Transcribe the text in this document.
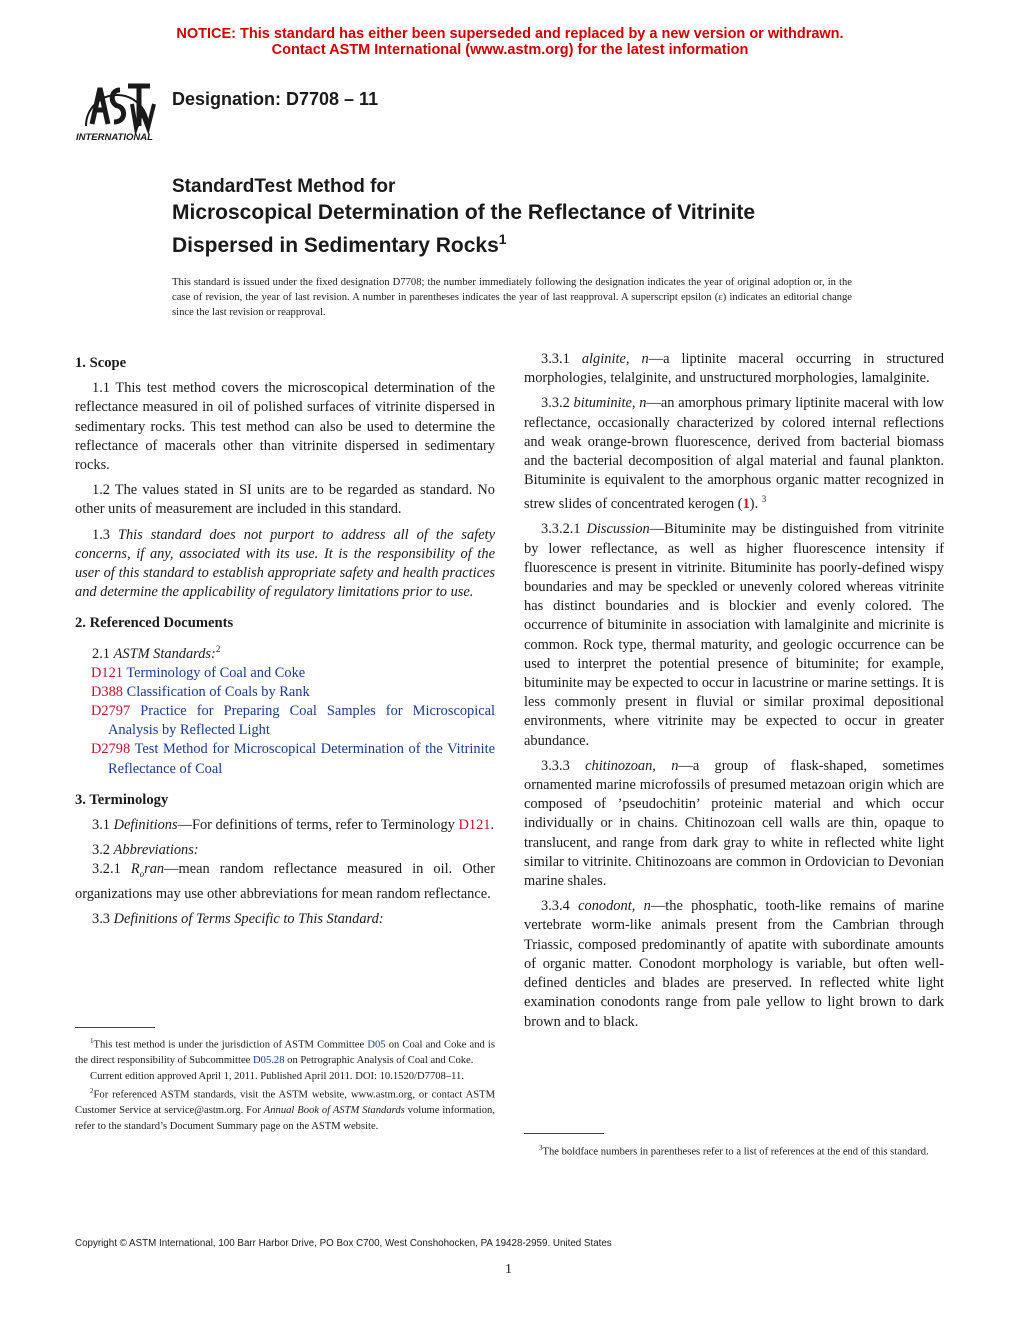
NOTICE: This standard has either been superseded and replaced by a new version or withdrawn.
Contact ASTM International (www.astm.org) for the latest information
INTERNATIONAL
Designation: D7708 – 11
StandardTest Method for
Microscopical Determination of the Reflectance of Vitrinite
Dispersed in Sedimentary Rocks$^1$
This standard is issued under the fixed designation D7708; the number immediately following the designation indicates the year of original adoption or, in the case of revision, the year of last revision. A number in parentheses indicates the year of last reapproval. A superscript epsilon (ε) indicates an editorial change since the last revision or reapproval.
1. Scope

1.1 This test method covers the microscopical determination of the reflectance measured in oil of polished surfaces of vitrinite dispersed in sedimentary rocks. This test method can also be used to determine the reflectance of macerals other than vitrinite dispersed in sedimentary rocks.

1.2 The values stated in SI units are to be regarded as standard. No other units of measurement are included in this standard.

1.3 This standard does not purport to address all of the safety concerns, if any, associated with its use. It is the responsibility of the user of this standard to establish appropriate safety and health practices and determine the applicability of regulatory limitations prior to use.

2. Referenced Documents

2.1 ASTM Standards:$^2$

D121 Terminology of Coal and Coke
D388 Classification of Coals by Rank
D2797 Practice for Preparing Coal Samples for Microscopical Analysis by Reflected Light
D2798 Test Method for Microscopical Determination of the Vitrinite Reflectance of Coal
3. Terminology

3.1 Definitions—For definitions of terms, refer to Terminology D121.

3.2 Abbreviations:

3.2.1 $R_oran—mean$ random reflectance measured in oil. Other organizations may use other abbreviations for mean random reflectance.

3.3 Definitions of Terms Specific to This Standard:

$^1$This test method is under the jurisdiction of ASTM Committee D05 on Coal and Coke and is the direct responsibility of Subcommittee D05.28 on Petrographic Analysis of Coal and Coke.

Current edition approved April 1, 2011. Published April 2011. DOI: 10.1520/D7708–11.

$^2$For referenced ASTM standards, visit the ASTM website, www.astm.org, or contact ASTM Customer Service at service@astm.org. For Annual Book of ASTM Standards volume information, refer to the standard’s Document Summary page on the ASTM website.

3.3.1 alginite, n—a liptinite maceral occurring in structured morphologies, telalginite, and unstructured morphologies, lamalginite.

3.3.2 bituminite, n—an amorphous primary liptinite maceral with low reflectance, occasionally characterized by colored internal reflections and weak orange-brown fluorescence, derived from bacterial biomass and the bacterial decomposition of algal material and faunal plankton. Bituminite is equivalent to the amorphous organic matter recognized in strew slides of concentrated kerogen (1). $^3$

3.3.2.1 Discussion—Bituminite may be distinguished from vitrinite by lower reflectance, as well as higher fluorescence intensity if fluorescence is present in vitrinite. Bituminite has poorly-defined wispy boundaries and may be speckled or unevenly colored whereas vitrinite has distinct boundaries and is blockier and evenly colored. The occurrence of bituminite in association with lamalginite and micrinite is common. Rock type, thermal maturity, and geologic occurrence can be used to interpret the potential presence of bituminite; for example, bituminite may be expected to occur in lacustrine or marine settings. It is less commonly present in fluvial or similar proximal depositional environments, where vitrinite may be expected to occur in greater abundance.

3.3.3 chitinozoan, n—a group of flask-shaped, sometimes ornamented marine microfossils of presumed metazoan origin which are composed of ’pseudochitin’ proteinic material and which occur individually or in chains. Chitinozoan cell walls are thin, opaque to translucent, and range from dark gray to white in reflected white light similar to vitrinite. Chitinozoans are common in Ordovician to Devonian marine shales.

3.3.4 conodont, n—the phosphatic, tooth-like remains of marine vertebrate worm-like animals present from the Cambrian through Triassic, composed predominantly of apatite with subordinate amounts of organic matter. Conodont morphology is variable, but often well-defined denticles and blades are preserved. In reflected white light examination conodonts range from pale yellow to light brown to dark brown and to black.

$^3$The boldface numbers in parentheses refer to a list of references at the end of this standard.

Copyright © ASTM International, 100 Barr Harbor Drive, PO Box C700, West Conshohocken, PA 19428-2959. United States
1
